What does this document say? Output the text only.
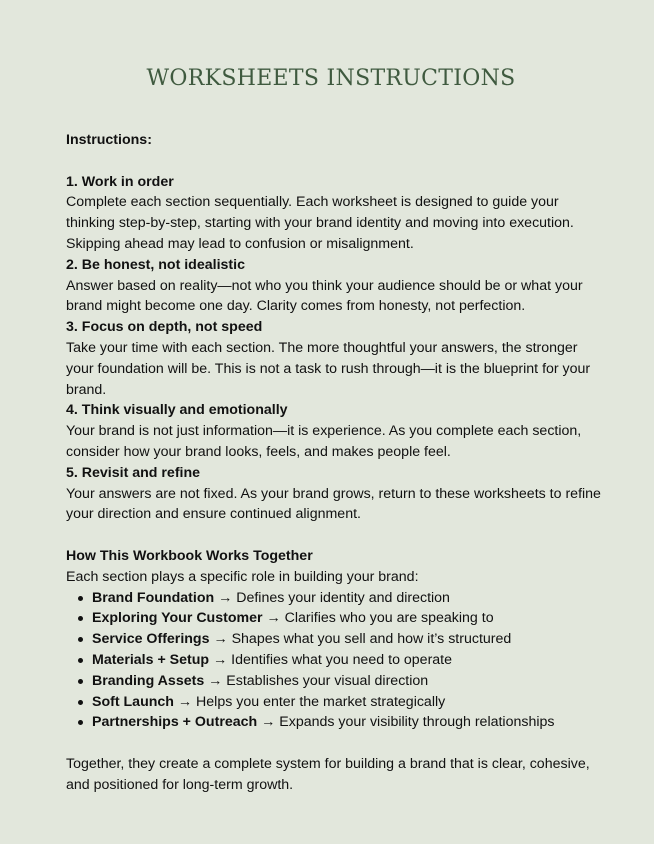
WORKSHEETS INSTRUCTIONS
Instructions:
1. Work in order
Complete each section sequentially. Each worksheet is designed to guide your thinking step-by-step, starting with your brand identity and moving into execution. Skipping ahead may lead to confusion or misalignment.
2. Be honest, not idealistic
Answer based on reality—not who you think your audience should be or what your brand might become one day. Clarity comes from honesty, not perfection.
3. Focus on depth, not speed
Take your time with each section. The more thoughtful your answers, the stronger your foundation will be. This is not a task to rush through—it is the blueprint for your brand.
4. Think visually and emotionally
Your brand is not just information—it is experience. As you complete each section, consider how your brand looks, feels, and makes people feel.
5. Revisit and refine
Your answers are not fixed. As your brand grows, return to these worksheets to refine your direction and ensure continued alignment.
How This Workbook Works Together
Each section plays a specific role in building your brand:
Brand Foundation → Defines your identity and direction
Exploring Your Customer → Clarifies who you are speaking to
Service Offerings → Shapes what you sell and how it’s structured
Materials + Setup → Identifies what you need to operate
Branding Assets → Establishes your visual direction
Soft Launch → Helps you enter the market strategically
Partnerships + Outreach → Expands your visibility through relationships
Together, they create a complete system for building a brand that is clear, cohesive, and positioned for long-term growth.
